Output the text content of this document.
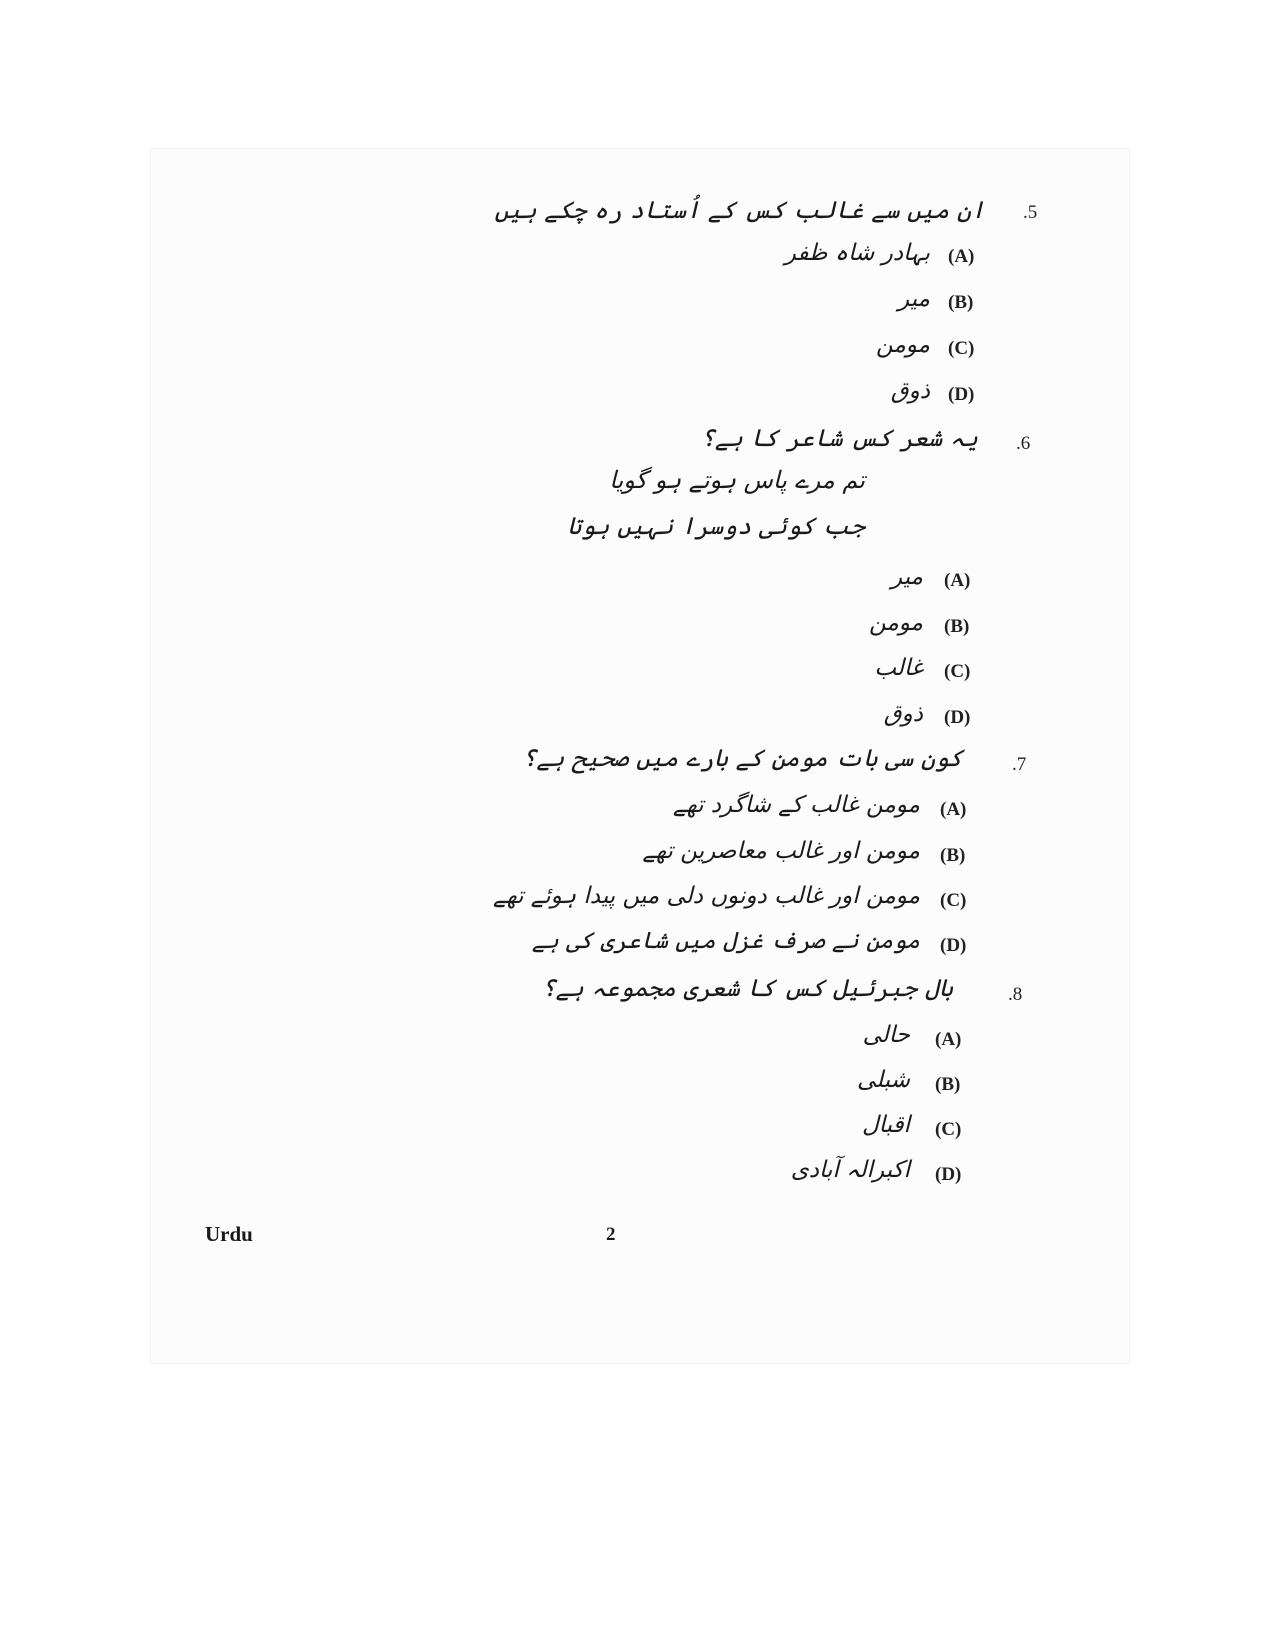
.5
ان میں سے غالب کس کے اُستاد رہ چکے ہیں
(A)
بہادر شاہ ظفر
(B)
میر
(C)
مومن
(D)
ذوق
.6
یہ شعر کس شاعر کا ہے؟
تم مرے پاس ہوتے ہو گویا
جب کوئی دوسرا نہیں ہوتا
(A)
میر
(B)
مومن
(C)
غالب
(D)
ذوق
.7
کون سی بات مومن کے بارے میں صحیح ہے؟
(A)
مومن غالب کے شاگرد تھے
(B)
مومن اور غالب معاصرین تھے
(C)
مومن اور غالب دونوں دلی میں پیدا ہوئے تھے
(D)
مومن نے صرف غزل میں شاعری کی ہے
.8
بال جبرئیل کس کا شعری مجموعہ ہے؟
(A)
حالی
(B)
شبلی
(C)
اقبال
(D)
اکبرالہ آبادی
Urdu	2
